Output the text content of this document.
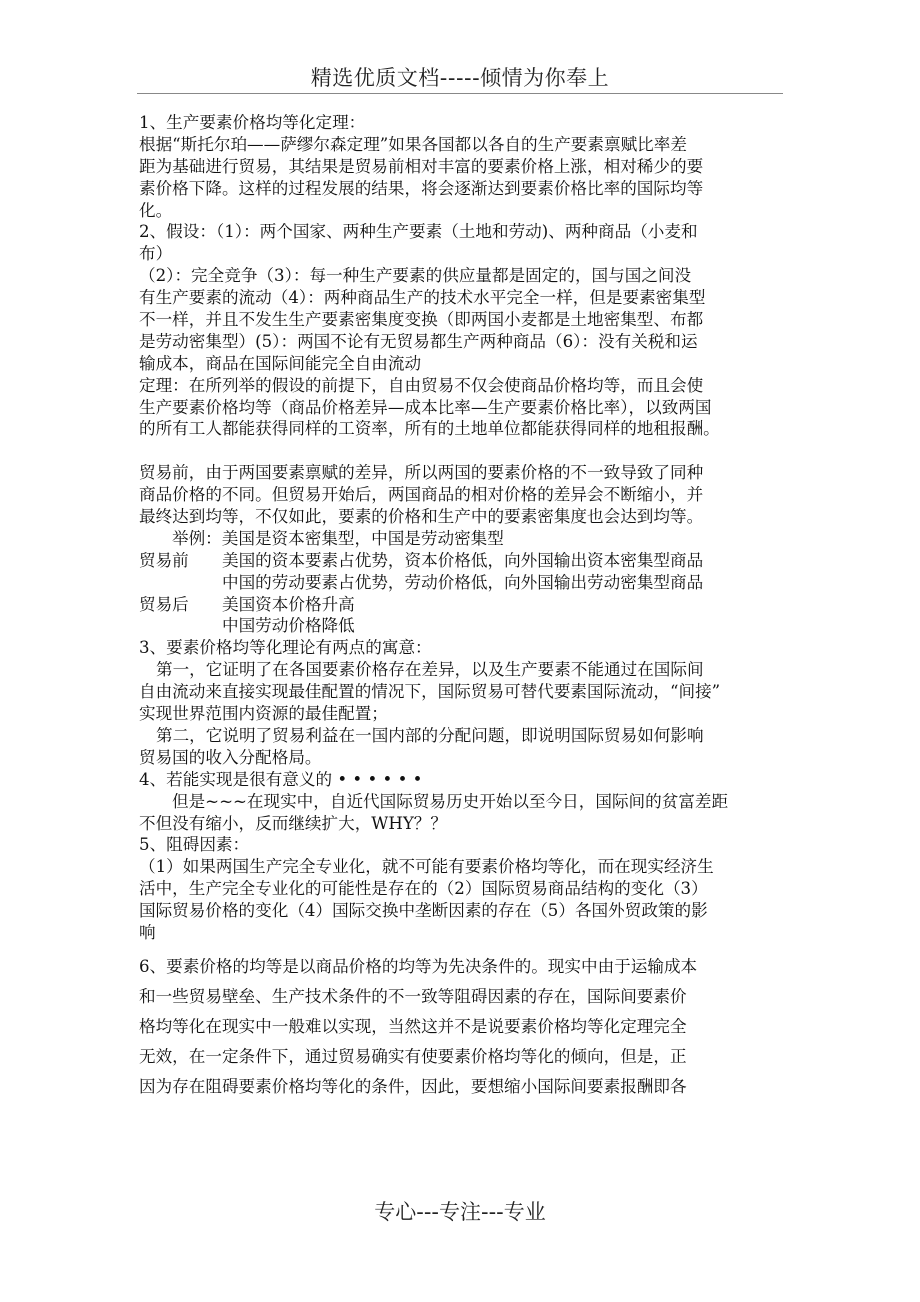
精选优质文档-----倾情为你奉上
1、生产要素价格均等化定理：
根据“斯托尔珀——萨缪尔森定理”如果各国都以各自的生产要素禀赋比率差
距为基础进行贸易，其结果是贸易前相对丰富的要素价格上涨，相对稀少的要
素价格下降。这样的过程发展的结果，将会逐渐达到要素价格比率的国际均等
化。
2、假设：（1）：两个国家、两种生产要素（土地和劳动)、两种商品（小麦和
布）
（2）：完全竞争（3）：每一种生产要素的供应量都是固定的，国与国之间没
有生产要素的流动（4）：两种商品生产的技术水平完全一样，但是要素密集型
不一样，并且不发生生产要素密集度变换（即两国小麦都是土地密集型、布都
是劳动密集型）(5）：两国不论有无贸易都生产两种商品（6）：没有关税和运
输成本，商品在国际间能完全自由流动
定理：在所列举的假设的前提下，自由贸易不仅会使商品价格均等，而且会使
生产要素价格均等（商品价格差异—成本比率—生产要素价格比率），以致两国
的所有工人都能获得同样的工资率，所有的土地单位都能获得同样的地租报酬。
贸易前，由于两国要素禀赋的差异，所以两国的要素价格的不一致导致了同种
商品价格的不同。但贸易开始后，两国商品的相对价格的差异会不断缩小，并
最终达到均等，不仅如此，要素的价格和生产中的要素密集度也会达到均等。
举例：美国是资本密集型，中国是劳动密集型
贸易前	美国的资本要素占优势，资本价格低，向外国输出资本密集型商品
中国的劳动要素占优势，劳动价格低，向外国输出劳动密集型商品
贸易后	美国资本价格升高
中国劳动价格降低
3、要素价格均等化理论有两点的寓意：
第一，它证明了在各国要素价格存在差异，以及生产要素不能通过在国际间
自由流动来直接实现最佳配置的情况下，国际贸易可替代要素国际流动，“间接”
实现世界范围内资源的最佳配置；
第二，它说明了贸易利益在一国内部的分配问题，即说明国际贸易如何影响
贸易国的收入分配格局。
4、若能实现是很有意义的 • • • • • •
但是~~~在现实中，自近代国际贸易历史开始以至今日，国际间的贫富差距
不但没有缩小，反而继续扩大，WHY？？
5、阻碍因素：
（1）如果两国生产完全专业化，就不可能有要素价格均等化，而在现实经济生
活中，生产完全专业化的可能性是存在的（2）国际贸易商品结构的变化（3）
国际贸易价格的变化（4）国际交换中垄断因素的存在（5）各国外贸政策的影
响
6、要素价格的均等是以商品价格的均等为先决条件的。现实中由于运输成本
和一些贸易壁垒、生产技术条件的不一致等阻碍因素的存在，国际间要素价
格均等化在现实中一般难以实现，当然这并不是说要素价格均等化定理完全
无效，在一定条件下，通过贸易确实有使要素价格均等化的倾向，但是，正
因为存在阻碍要素价格均等化的条件，因此，要想缩小国际间要素报酬即各
专心---专注---专业
